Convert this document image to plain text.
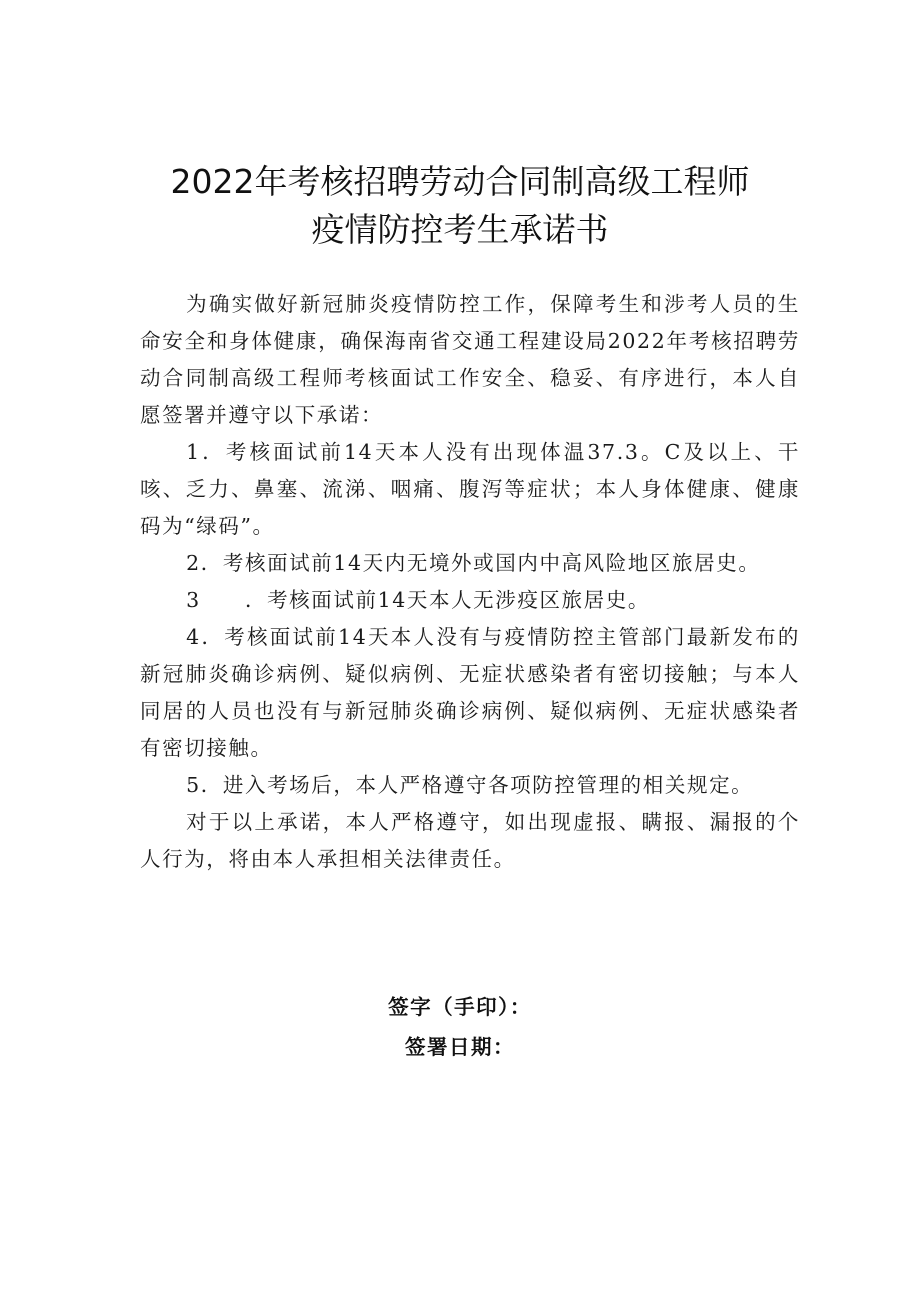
2022年考核招聘劳动合同制高级工程师
疫情防控考生承诺书

为确实做好新冠肺炎疫情防控工作，保障考生和涉考人员的生命安全和身体健康，确保海南省交通工程建设局2022年考核招聘劳动合同制高级工程师考核面试工作安全、稳妥、有序进行，本人自愿签署并遵守以下承诺：

1．考核面试前14天本人没有出现体温37.3。C及以上、干咳、乏力、鼻塞、流涕、咽痛、腹泻等症状；本人身体健康、健康码为“绿码”。

2．考核面试前14天内无境外或国内中高风险地区旅居史。

3　　．考核面试前14天本人无涉疫区旅居史。

4．考核面试前14天本人没有与疫情防控主管部门最新发布的新冠肺炎确诊病例、疑似病例、无症状感染者有密切接触；与本人同居的人员也没有与新冠肺炎确诊病例、疑似病例、无症状感染者有密切接触。

5．进入考场后，本人严格遵守各项防控管理的相关规定。

对于以上承诺，本人严格遵守，如出现虚报、瞒报、漏报的个人行为，将由本人承担相关法律责任。

签字（手印）：
签署日期：
